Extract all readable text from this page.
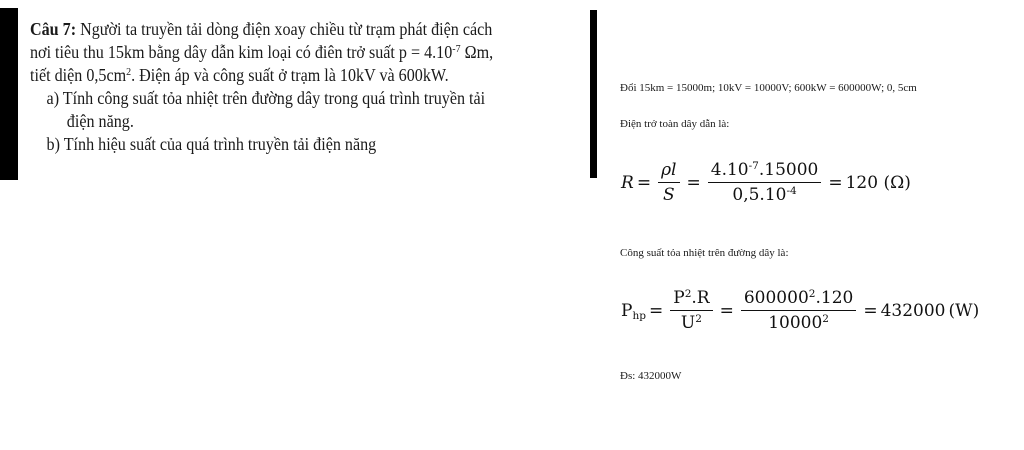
Câu 7: Người ta truyền tải dòng điện xoay chiều từ trạm phát điện cách
nơi tiêu thu 15km bằng dây dẫn kim loại có điên trở suất $p = 4.10^{-7}$ Ωm,
tiết diện $0,5cm^2$. Điện áp và công suất ở trạm là 10kV và 600kW.
a) Tính công suất tỏa nhiệt trên đường dây trong quá trình truyền tải
điện năng.
b) Tính hiệu suất của quá trình truyền tải điện năng
Đổi 15km = 15000m; 10kV = 10000V; 600kW = 600000W; 0, 5cm
Điện trở toàn dây dẫn là:
$R = \frac{\rho l}{S} = \frac{4.10^{-7}.15000}{0,5.10^{-4}} = 120$ (Ω)
Công suất tỏa nhiệt trên đường dây là:
$P_{hp} = \frac{P^2.R}{U^2} = \frac{600000^2.120}{10000^2} = 432000$ (W)
Đs: 432000W
